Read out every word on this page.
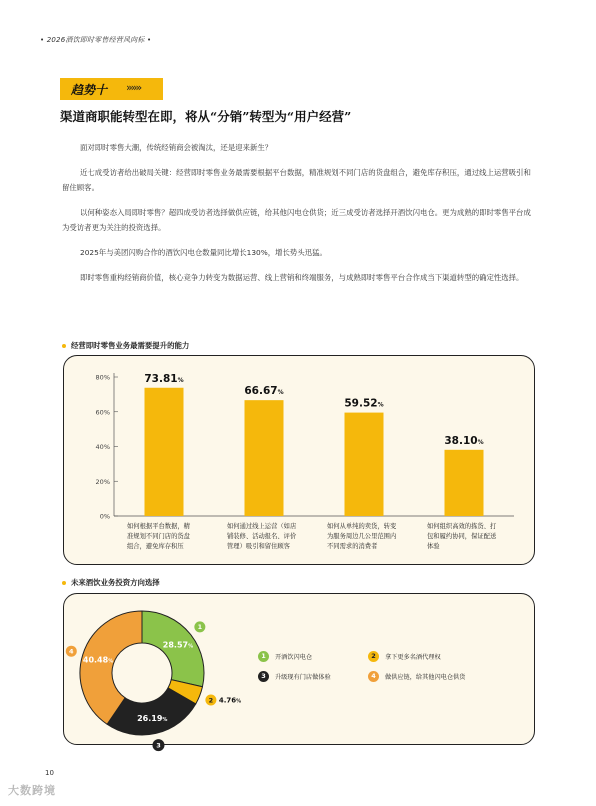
• 2026酒饮即时零售经营风向标 •
趋势十 »»»
渠道商职能转型在即，将从“分销”转型为“用户经营”

面对即时零售大潮，传统经销商会被淘汰，还是迎来新生？

近七成受访者给出破局关键：经营即时零售业务最需要根据平台数据，精准规划不同门店的货盘组合，避免库存积压，通过线上运营吸引和留住顾客。

以何种姿态入局即时零售？超四成受访者选择做供应链，给其他闪电仓供货；近三成受访者选择开酒饮闪电仓。更为成熟的即时零售平台成为受访者更为关注的投资选择。

2025年与美团闪购合作的酒饮闪电仓数量同比增长130%，增长势头迅猛。

即时零售重构经销商价值，核心竞争力转变为数据运营、线上营销和终端服务，与成熟即时零售平台合作成当下渠道转型的确定性选择。

经营即时零售业务最需要提升的能力
0%
20%
40%
60%
80%	73.81%
如何根据平台数据，精准规划不同门店的货盘组合，避免库存积压
66.67%
如何通过线上运营（如店铺装修、活动报名、评价管理）吸引和留住顾客
59.52%
如何从单纯的卖货，转变为服务周边几公里范围内不同需求的消费者
38.10%
如何组织高效的拣货、打包和履约协同，保证配送体验
未来酒饮业务投资方向选择
28.57%
1
2 4.76%
26.19%
3
40.48%
4
1	开酒饮闪电仓
3	升级现有门店做体验
2	拿下更多名酒代理权
4	做供应链，给其他闪电仓供货
10
大数跨境
